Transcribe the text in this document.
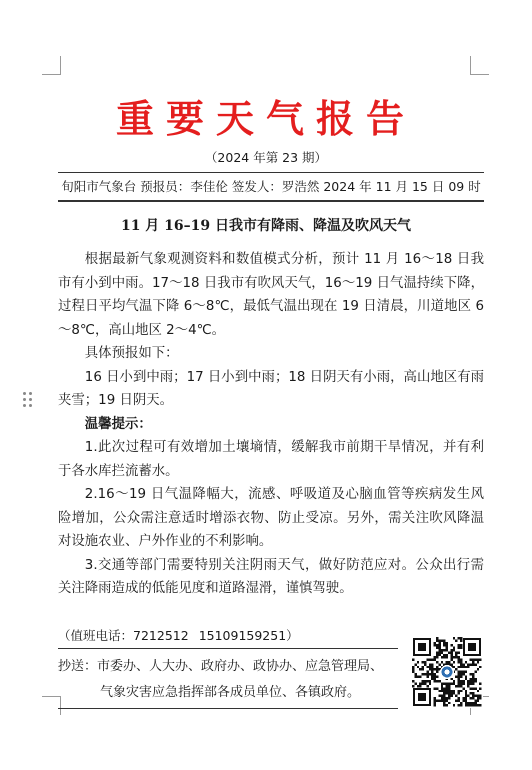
重要天气报告
（2024 年第 23 期）
旬阳市气象台 预报员：李佳伦 签发人：罗浩然 2024 年 11 月 15 日 09 时
11 月 16–19 日我市有降雨、降温及吹风天气

根据最新气象观测资料和数值模式分析，预计 11 月 16～18 日我市有小到中雨。17～18 日我市有吹风天气，16～19 日气温持续下降，过程日平均气温下降 6～8℃，最低气温出现在 19 日清晨，川道地区 6～8℃，高山地区 2～4℃。

具体预报如下：

16 日小到中雨；17 日小到中雨；18 日阴天有小雨，高山地区有雨夹雪；19 日阴天。

温馨提示：

1.此次过程可有效增加土壤墒情，缓解我市前期干旱情况，并有利于各水库拦流蓄水。

2.16～19 日气温降幅大，流感、呼吸道及心脑血管等疾病发生风险增加，公众需注意适时增添衣物、防止受凉。另外，需关注吹风降温对设施农业、户外作业的不利影响。

3.交通等部门需要特别关注阴雨天气，做好防范应对。公众出行需关注降雨造成的低能见度和道路湿滑，谨慎驾驶。

（值班电话：7212512 15109159251）
抄送：市委办、人大办、政府办、政协办、应急管理局、
气象灾害应急指挥部各成员单位、各镇政府。
